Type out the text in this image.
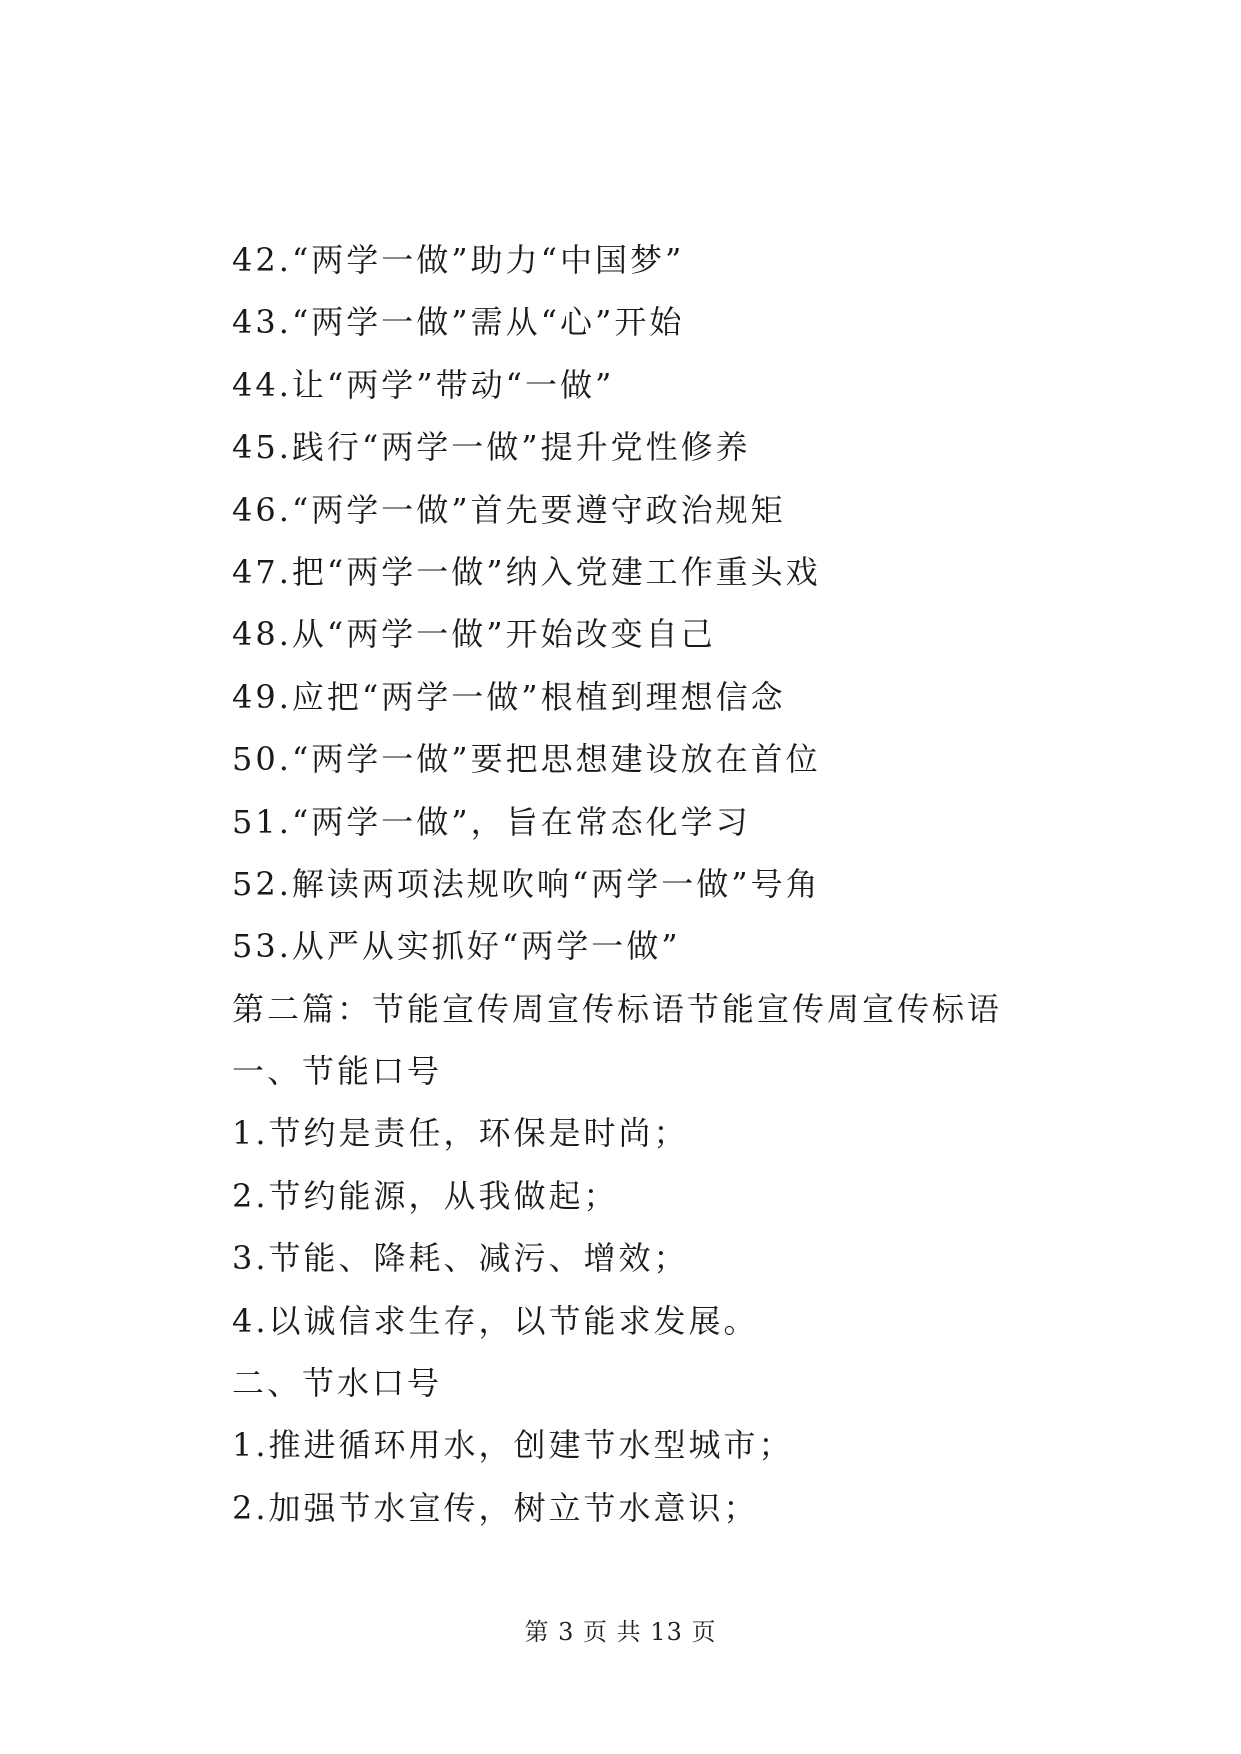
42.“两学一做”助力“中国梦”
43.“两学一做”需从“心”开始
44.让“两学”带动“一做”
45.践行“两学一做”提升党性修养
46.“两学一做”首先要遵守政治规矩
47.把“两学一做”纳入党建工作重头戏
48.从“两学一做”开始改变自己
49.应把“两学一做”根植到理想信念
50.“两学一做”要把思想建设放在首位
51.“两学一做”，旨在常态化学习
52.解读两项法规吹响“两学一做”号角
53.从严从实抓好“两学一做”
第二篇：节能宣传周宣传标语节能宣传周宣传标语
一、节能口号
1.节约是责任，环保是时尚；
2.节约能源，从我做起；
3.节能、降耗、减污、增效；
4.以诚信求生存，以节能求发展。
二、节水口号
1.推进循环用水，创建节水型城市；
2.加强节水宣传，树立节水意识；
第 3 页 共 13 页
